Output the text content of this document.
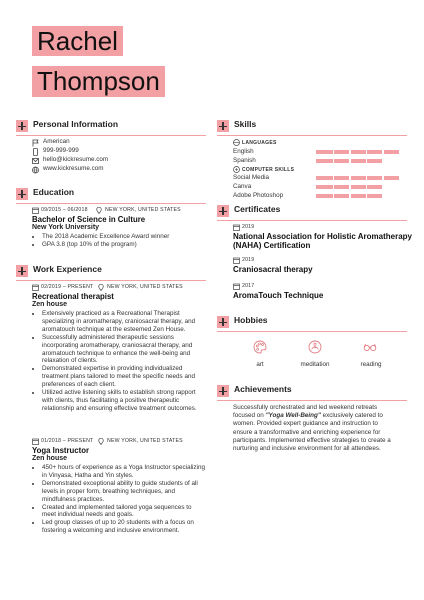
Rachel
Thompson
Personal Information
American
999-999-999
hello@kickresume.com
www.kickresume.com
Education
09/2015 – 06/2018	NEW YORK, UNITED STATES
Bachelor of Science in Culture
New York University
• The 2018 Academic Excellence Award winner
• GPA 3.8 (top 10% of the program)
Work Experience
02/2019 – PRESENT	NEW YORK, UNITED STATES
Recreational therapist
Zen house
• Extensively practiced as a Recreational Therapist specializing in aromatherapy, craniosacral therapy, and aromatouch technique at the esteemed Zen House.
• Successfully administered therapeutic sessions incorporating aromatherapy, craniosacral therapy, and aromatouch technique to enhance the well-being and relaxation of clients.
• Demonstrated expertise in providing individualized treatment plans tailored to meet the specific needs and preferences of each client.
• Utilized active listening skills to establish strong rapport with clients, thus facilitating a positive therapeutic relationship and ensuring effective treatment outcomes.
01/2018 – PRESENT	NEW YORK, UNITED STATES
Yoga Instructor
Zen house
• 450+ hours of experience as a Yoga Instructor specializing in Vinyasa, Hatha and Yin styles.
• Demonstrated exceptional ability to guide students of all levels in proper form, breathing techniques, and mindfulness practices.
• Created and implemented tailored yoga sequences to meet individual needs and goals.
• Led group classes of up to 20 students with a focus on fostering a welcoming and inclusive environment.
Skills
LANGUAGES
English
Spanish
COMPUTER SKILLS
Social Media
Canva
Adobe Photoshop
Certificates
2019
National Association for Holistic Aromatherapy (NAHA) Certification
2019
Craniosacral therapy
2017
AromaTouch Technique
Hobbies
art	meditation	reading
Achievements
Successfully orchestrated and led weekend retreats
focused on "Yoga Well-Being" exclusively catered to
women. Provided expert guidance and instruction to
ensure a transformative and enriching experience for
participants. Implemented effective strategies to create a
nurturing and inclusive environment for all attendees.
